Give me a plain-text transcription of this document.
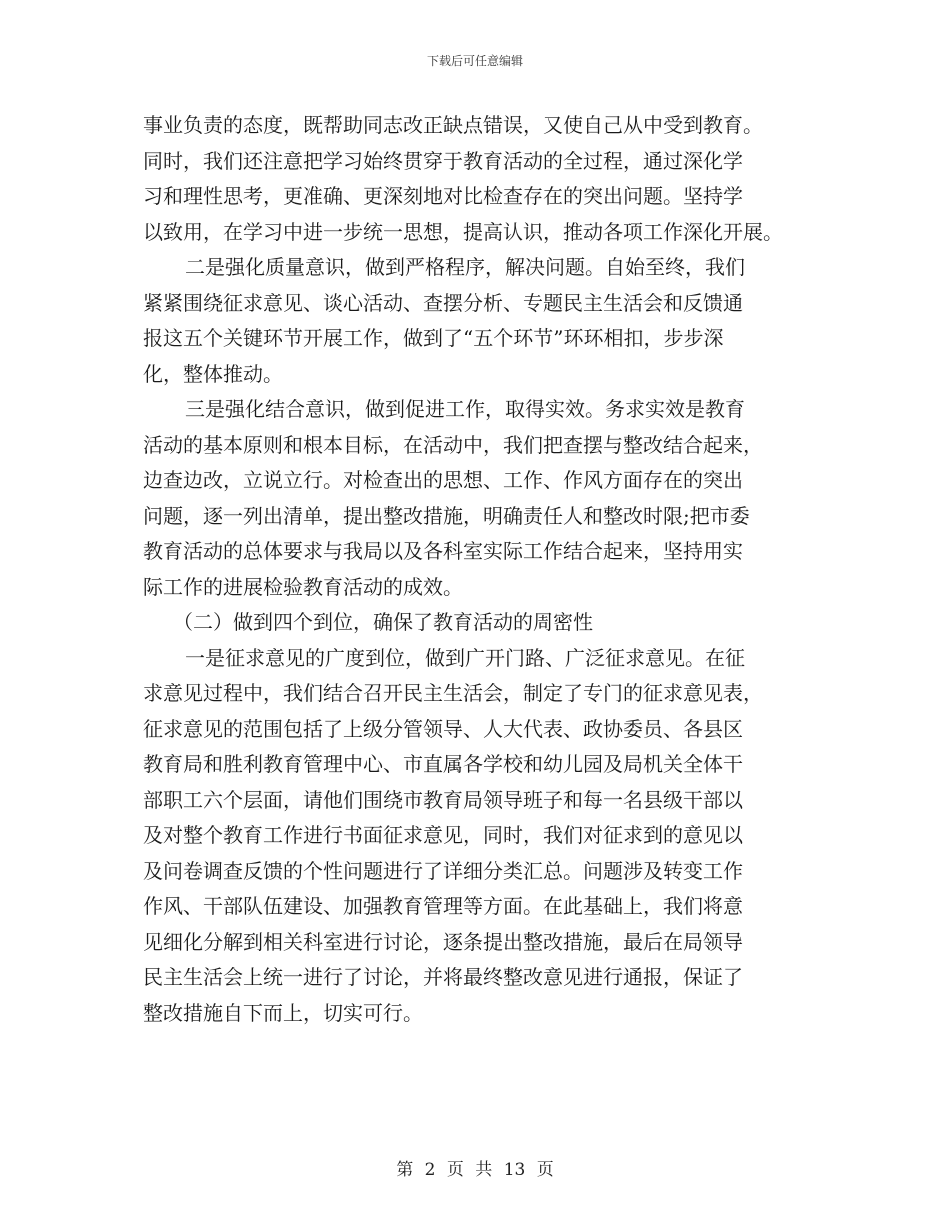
下载后可任意编辑
事业负责的态度，既帮助同志改正缺点错误，又使自己从中受到教育。
同时，我们还注意把学习始终贯穿于教育活动的全过程，通过深化学
习和理性思考，更准确、更深刻地对比检查存在的突出问题。坚持学
以致用，在学习中进一步统一思想，提高认识，推动各项工作深化开展。
二是强化质量意识，做到严格程序，解决问题。自始至终，我们
紧紧围绕征求意见、谈心活动、查摆分析、专题民主生活会和反馈通
报这五个关键环节开展工作，做到了“五个环节”环环相扣，步步深
化，整体推动。
三是强化结合意识，做到促进工作，取得实效。务求实效是教育
活动的基本原则和根本目标，在活动中，我们把查摆与整改结合起来，
边查边改，立说立行。对检查出的思想、工作、作风方面存在的突出
问题，逐一列出清单，提出整改措施，明确责任人和整改时限;把市委
教育活动的总体要求与我局以及各科室实际工作结合起来，坚持用实
际工作的进展检验教育活动的成效。
（二）做到四个到位，确保了教育活动的周密性
一是征求意见的广度到位，做到广开门路、广泛征求意见。在征
求意见过程中，我们结合召开民主生活会，制定了专门的征求意见表，
征求意见的范围包括了上级分管领导、人大代表、政协委员、各县区
教育局和胜利教育管理中心、市直属各学校和幼儿园及局机关全体干
部职工六个层面，请他们围绕市教育局领导班子和每一名县级干部以
及对整个教育工作进行书面征求意见，同时，我们对征求到的意见以
及问卷调查反馈的个性问题进行了详细分类汇总。问题涉及转变工作
作风、干部队伍建设、加强教育管理等方面。在此基础上，我们将意
见细化分解到相关科室进行讨论，逐条提出整改措施，最后在局领导
民主生活会上统一进行了讨论，并将最终整改意见进行通报，保证了
整改措施自下而上，切实可行。
第 2 页 共 13 页
